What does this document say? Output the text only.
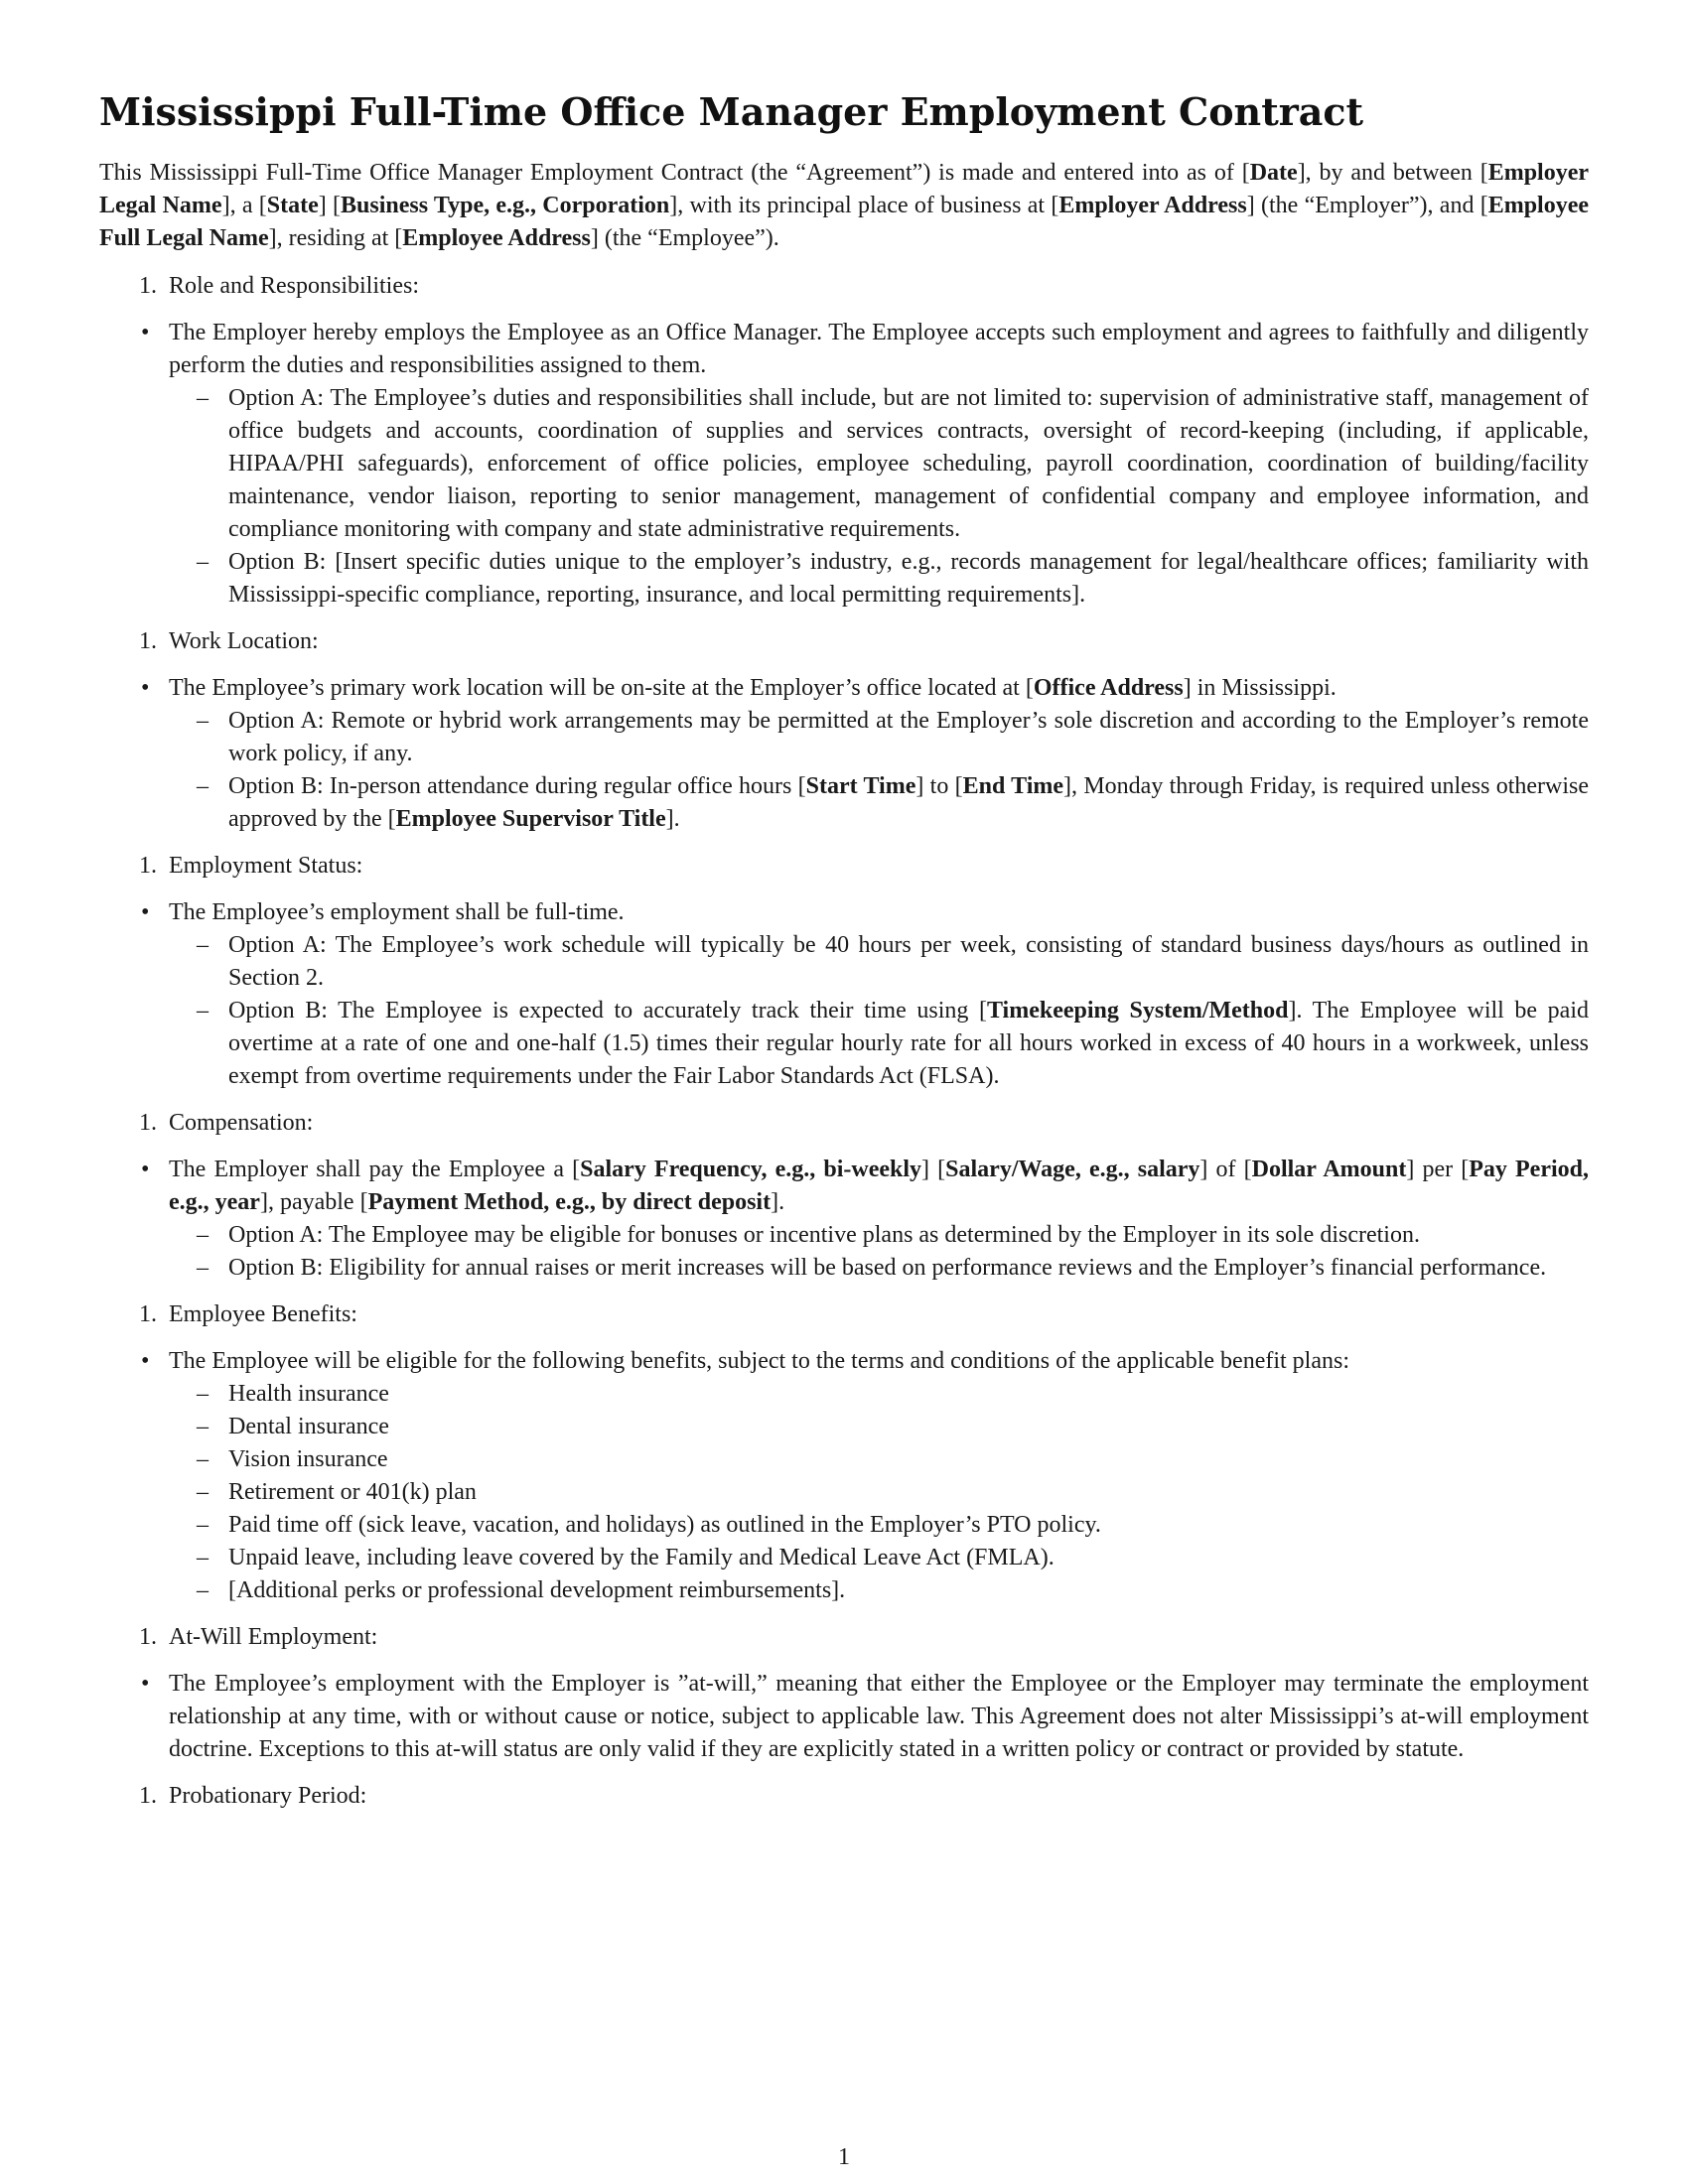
Mississippi Full-Time Office Manager Employment Contract

This Mississippi Full-Time Office Manager Employment Contract (the “Agreement”) is made and entered into as of [Date], by and between [Employer Legal Name], a [State] [Business Type, e.g., Corporation], with its principal place of business at [Employer Address] (the “Employer”), and [Employee Full Legal Name], residing at [Employee Address] (the “Employee”).

1. Role and Responsibilities:

• The Employer hereby employs the Employee as an Office Manager. The Employee accepts such employment and agrees to faithfully and diligently perform the duties and responsibilities assigned to them.

– Option A: The Employee’s duties and responsibilities shall include, but are not limited to: supervision of administrative staff, management of office budgets and accounts, coordination of supplies and services contracts, oversight of record-keeping (including, if applicable, HIPAA/PHI safeguards), enforcement of office policies, employee scheduling, payroll coordination, coordination of building/facility maintenance, vendor liaison, reporting to senior management, management of confidential company and employee information, and compliance monitoring with company and state administrative requirements.
– Option B: [Insert specific duties unique to the employer’s industry, e.g., records management for legal/healthcare offices; familiarity with Mississippi-specific compliance, reporting, insurance, and local permitting requirements].
1. Work Location:

• The Employee’s primary work location will be on-site at the Employer’s office located at [Office Address] in Mississippi.

– Option A: Remote or hybrid work arrangements may be permitted at the Employer’s sole discretion and according to the Employer’s remote work policy, if any.
– Option B: In-person attendance during regular office hours [Start Time] to [End Time], Monday through Friday, is required unless otherwise approved by the [Employee Supervisor Title].
1. Employment Status:

• The Employee’s employment shall be full-time.

– Option A: The Employee’s work schedule will typically be 40 hours per week, consisting of standard business days/hours as outlined in Section 2.
– Option B: The Employee is expected to accurately track their time using [Timekeeping System/Method]. The Employee will be paid overtime at a rate of one and one-half (1.5) times their regular hourly rate for all hours worked in excess of 40 hours in a workweek, unless exempt from overtime requirements under the Fair Labor Standards Act (FLSA).
1. Compensation:

• The Employer shall pay the Employee a [Salary Frequency, e.g., bi-weekly] [Salary/Wage, e.g., salary] of [Dollar Amount] per [Pay Period, e.g., year], payable [Payment Method, e.g., by direct deposit].

– Option A: The Employee may be eligible for bonuses or incentive plans as determined by the Employer in its sole discretion.
– Option B: Eligibility for annual raises or merit increases will be based on performance reviews and the Employer’s financial performance.
1. Employee Benefits:

• The Employee will be eligible for the following benefits, subject to the terms and conditions of the applicable benefit plans:

– Health insurance
– Dental insurance
– Vision insurance
– Retirement or 401(k) plan
– Paid time off (sick leave, vacation, and holidays) as outlined in the Employer’s PTO policy.
– Unpaid leave, including leave covered by the Family and Medical Leave Act (FMLA).
– [Additional perks or professional development reimbursements].
1. At-Will Employment:

• The Employee’s employment with the Employer is ”at-will,” meaning that either the Employee or the Employer may terminate the employment relationship at any time, with or without cause or notice, subject to applicable law. This Agreement does not alter Mississippi’s at-will employment doctrine. Exceptions to this at-will status are only valid if they are explicitly stated in a written policy or contract or provided by statute.

1. Probationary Period:
1
